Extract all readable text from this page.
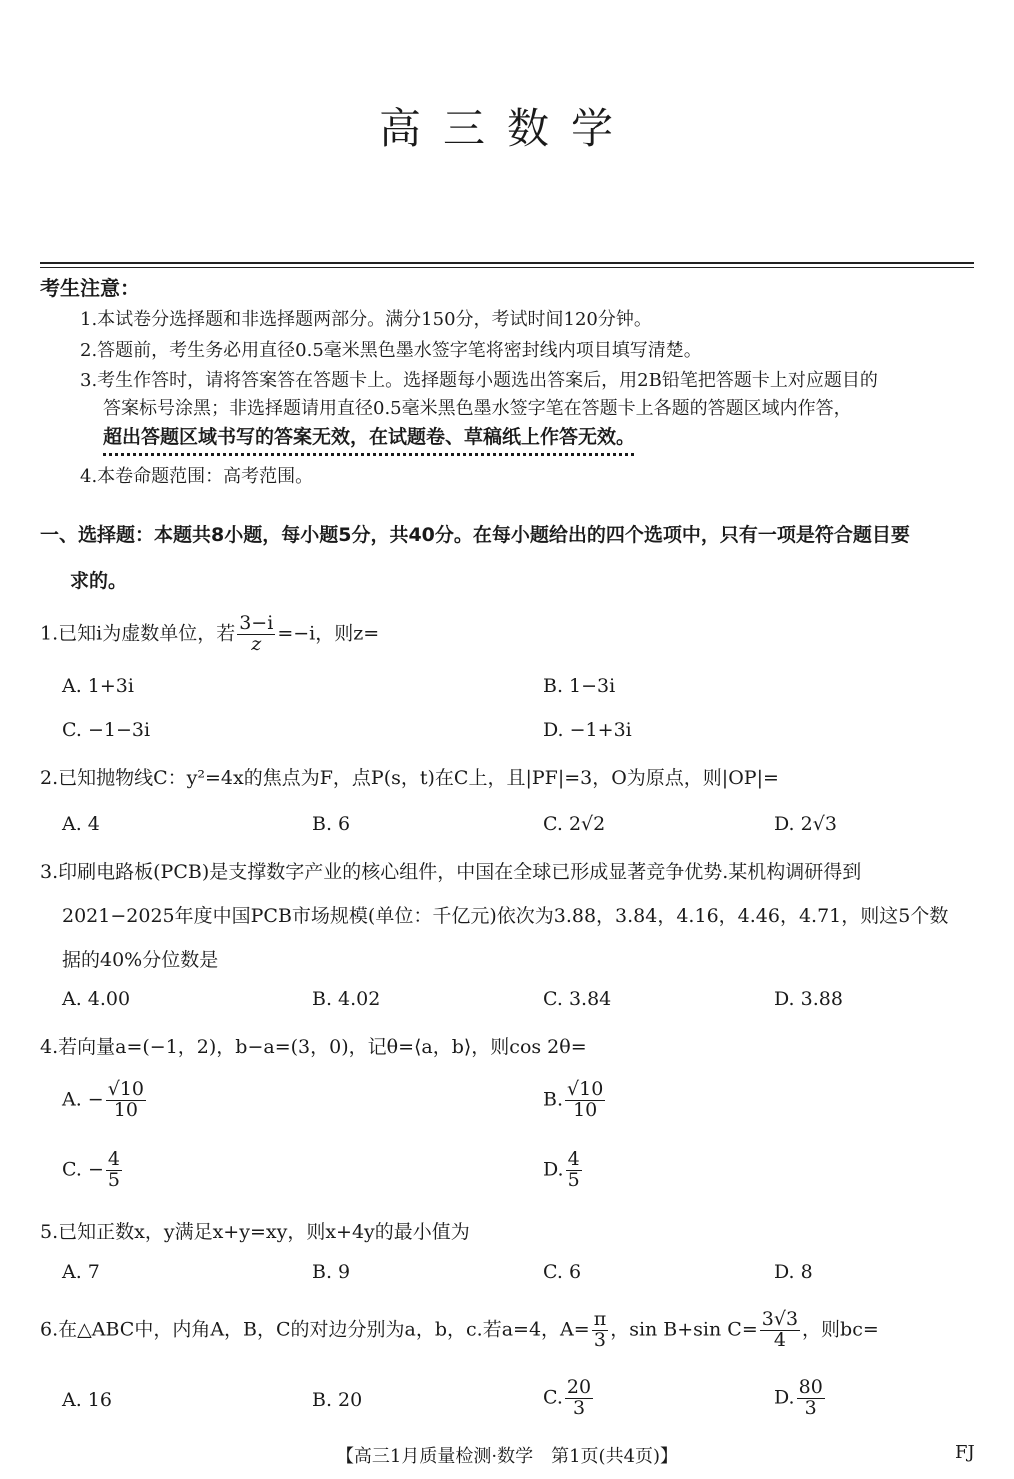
高三数学
考生注意：
1.本试卷分选择题和非选择题两部分。满分150分，考试时间120分钟。
2.答题前，考生务必用直径0.5毫米黑色墨水签字笔将密封线内项目填写清楚。
3.考生作答时，请将答案答在答题卡上。选择题每小题选出答案后，用2B铅笔把答题卡上对应题目的
答案标号涂黑；非选择题请用直径0.5毫米黑色墨水签字笔在答题卡上各题的答题区域内作答，
超出答题区域书写的答案无效，在试题卷、草稿纸上作答无效。
4.本卷命题范围：高考范围。
一、选择题：本题共8小题，每小题5分，共40分。在每小题给出的四个选项中，只有一项是符合题目要
求的。
1.已知i为虚数单位，若 $\frac{3-i}{z} =-i$，则z=
A. 1+3i	B. 1−3i
C. −1−3i	D. −1+3i
2.已知抛物线C：y²=4x的焦点为F，点P(s，t)在C上，且|PF|=3，O为原点，则|OP|=
A. 4	B. 6	C. 2√2	D. 2√3
3.印刷电路板(PCB)是支撑数字产业的核心组件，中国在全球已形成显著竞争优势.某机构调研得到
2021−2025年度中国PCB市场规模(单位：千亿元)依次为3.88，3.84，4.16，4.46，4.71，则这5个数
据的40%分位数是
A. 4.00	B. 4.02	C. 3.84	D. 3.88
4.若向量a=(−1，2)，b−a=(3，0)，记θ=⟨a，b⟩，则cos 2θ=
A. − $\frac{√10}{10}$	B. $\frac{√10}{10}$
C. − $\frac{4}{5}$	D. $\frac{4}{5}$
5.已知正数x，y满足x+y=xy，则x+4y的最小值为
A. 7	B. 9	C. 6	D. 8
6.在△ABC中，内角A，B，C的对边分别为a，b，c.若a=4，$A= \frac{\pi}{3}$ ，sin B+sin $C= \frac{3√3}{4}$ ，则bc=
A. 16	B. 20	C. $\frac{20}{3}$	D. $\frac{80}{3}$
【高三1月质量检测·数学　第1页(共4页)】	FJ
